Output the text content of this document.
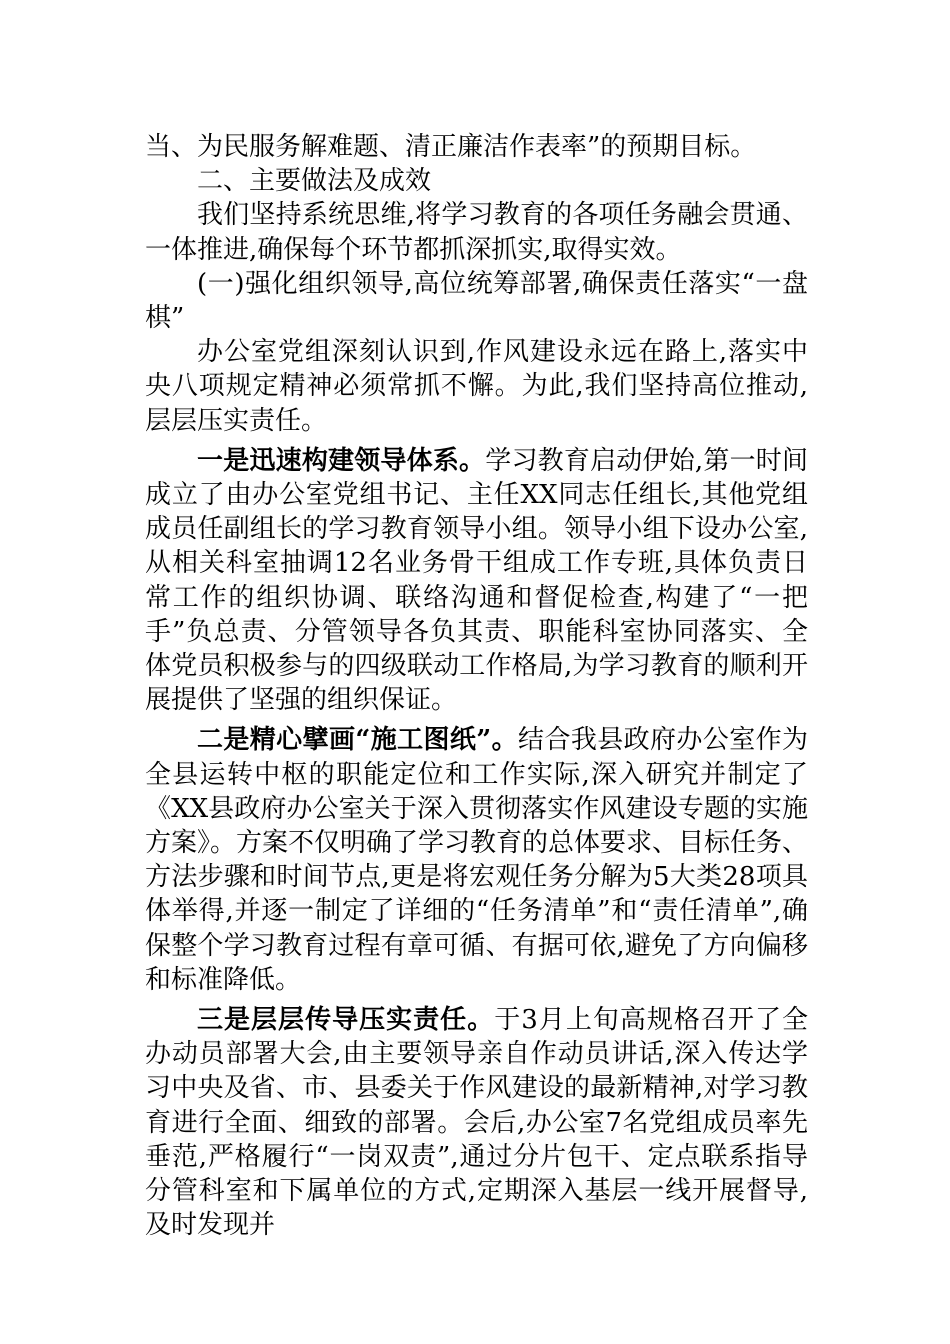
当、为民服务解难题、清正廉洁作表率”的预期目标。

二、主要做法及成效

我们坚持系统思维,将学习教育的各项任务融会贯通、一体推进,确保每个环节都抓深抓实,取得实效。

(一)强化组织领导,高位统筹部署,确保责任落实“一盘棋”

办公室党组深刻认识到,作风建设永远在路上,落实中央八项规定精神必须常抓不懈。为此,我们坚持高位推动,层层压实责任。

一是迅速构建领导体系。学习教育启动伊始,第一时间成立了由办公室党组书记、主任XX同志任组长,其他党组成员任副组长的学习教育领导小组。领导小组下设办公室,从相关科室抽调12名业务骨干组成工作专班,具体负责日常工作的组织协调、联络沟通和督促检查,构建了“一把手”负总责、分管领导各负其责、职能科室协同落实、全体党员积极参与的四级联动工作格局,为学习教育的顺利开展提供了坚强的组织保证。

二是精心擘画“施工图纸”。结合我县政府办公室作为全县运转中枢的职能定位和工作实际,深入研究并制定了《XX县政府办公室关于深入贯彻落实作风建设专题的实施方案》。方案不仅明确了学习教育的总体要求、目标任务、方法步骤和时间节点,更是将宏观任务分解为5大类28项具体举得,并逐一制定了详细的“任务清单”和“责任清单”,确保整个学习教育过程有章可循、有据可依,避免了方向偏移和标准降低。

三是层层传导压实责任。于3月上旬高规格召开了全办动员部署大会,由主要领导亲自作动员讲话,深入传达学习中央及省、市、县委关于作风建设的最新精神,对学习教育进行全面、细致的部署。会后,办公室7名党组成员率先垂范,严格履行“一岗双责”,通过分片包干、定点联系指导分管科室和下属单位的方式,定期深入基层一线开展督导,及时发现并
